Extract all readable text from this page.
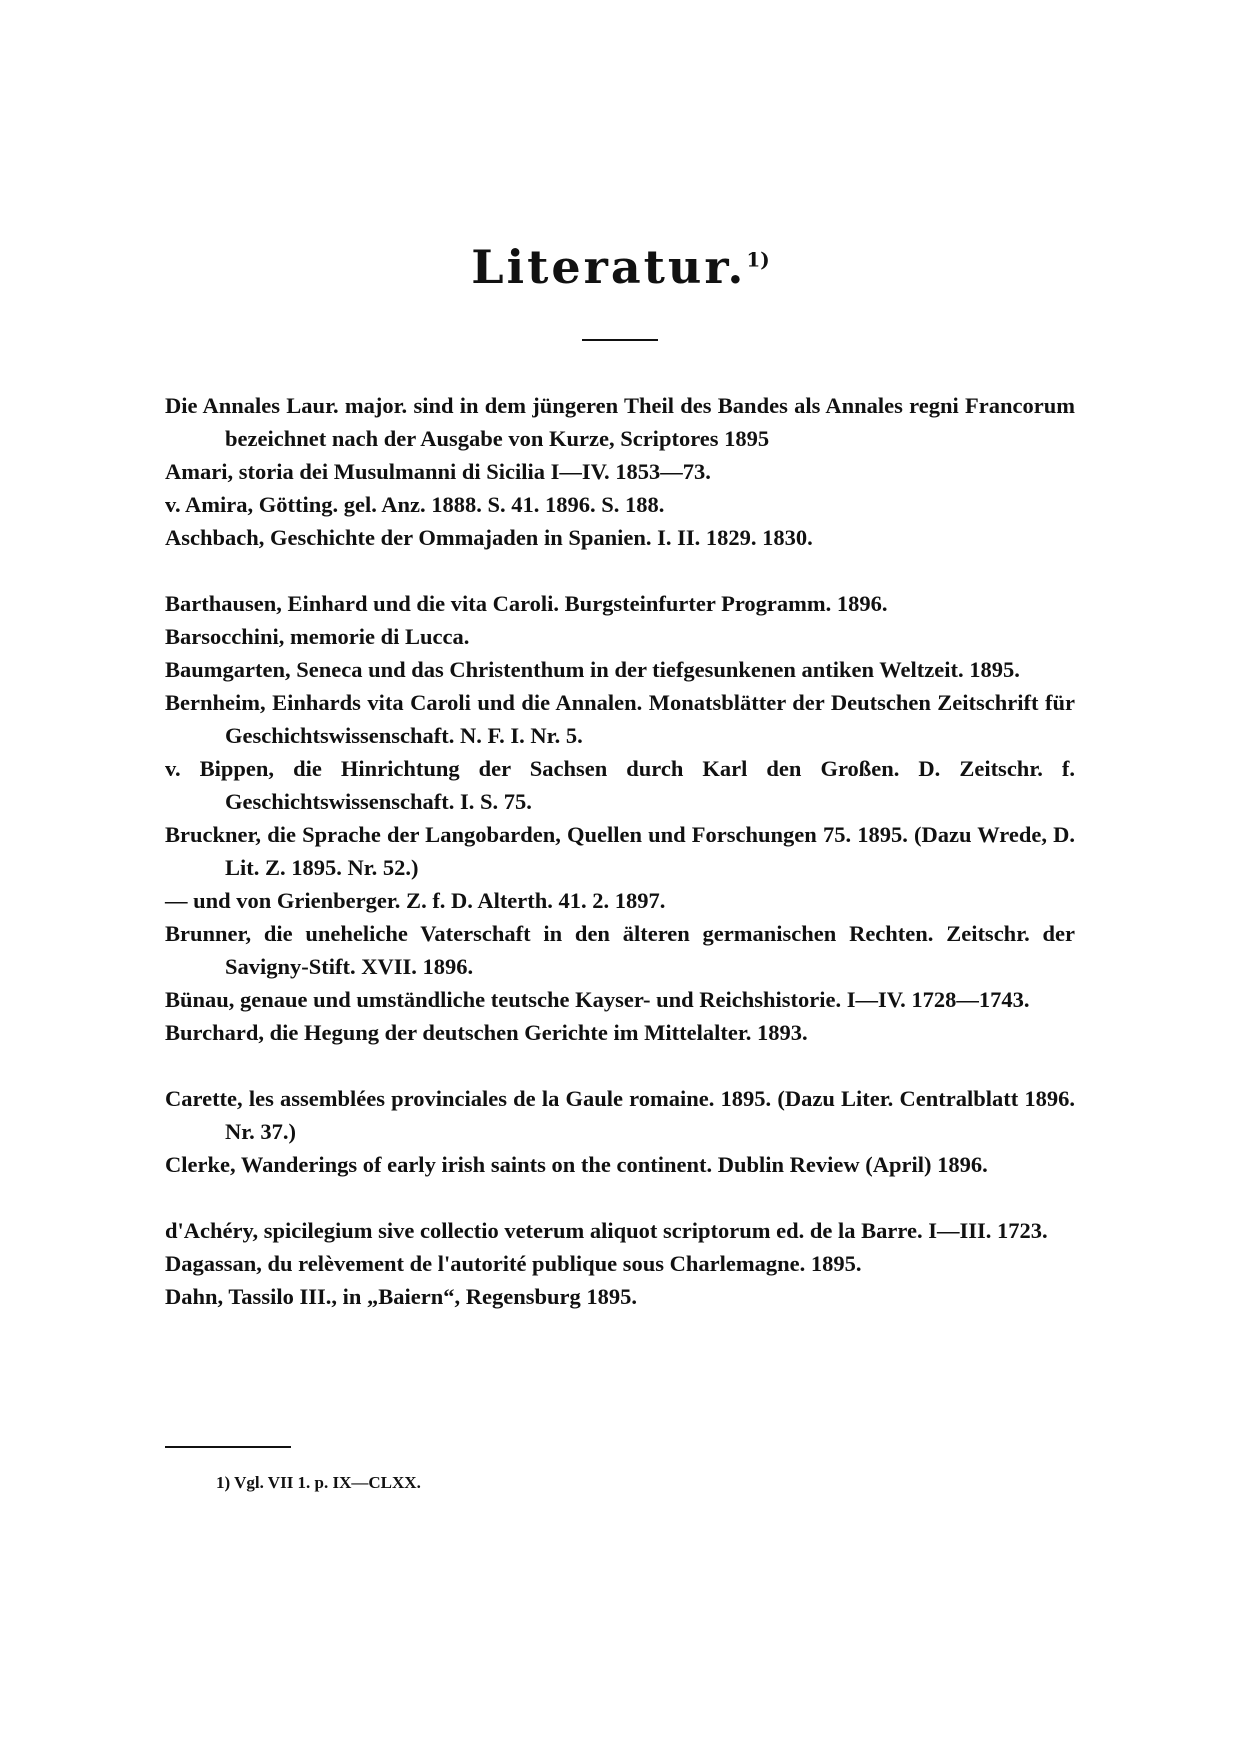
Literatur.$^{1)}$
Die Annales Laur. major. sind in dem jüngeren Theil des Bandes als Annales regni Francorum bezeichnet nach der Ausgabe von Kurze, Scriptores 1895
Amari, storia dei Musulmanni di Sicilia I—IV. 1853—73.
v. Amira, Götting. gel. Anz. 1888. S. 41. 1896. S. 188.
Aschbach, Geschichte der Ommajaden in Spanien. I. II. 1829. 1830.
Barthausen, Einhard und die vita Caroli. Burgsteinfurter Programm. 1896.
Barsocchini, memorie di Lucca.
Baumgarten, Seneca und das Christenthum in der tiefgesunkenen antiken Weltzeit. 1895.
Bernheim, Einhards vita Caroli und die Annalen. Monatsblätter der Deutschen Zeitschrift für Geschichtswissenschaft. N. F. I. Nr. 5.
v. Bippen, die Hinrichtung der Sachsen durch Karl den Großen. D. Zeitschr. f. Geschichtswissenschaft. I. S. 75.
Bruckner, die Sprache der Langobarden, Quellen und Forschungen 75. 1895. (Dazu Wrede, D. Lit. Z. 1895. Nr. 52.)
— und von Grienberger. Z. f. D. Alterth. 41. 2. 1897.
Brunner, die uneheliche Vaterschaft in den älteren germanischen Rechten. Zeitschr. der Savigny-Stift. XVII. 1896.
Bünau, genaue und umständliche teutsche Kayser- und Reichshistorie. I—IV. 1728—1743.
Burchard, die Hegung der deutschen Gerichte im Mittelalter. 1893.
Carette, les assemblées provinciales de la Gaule romaine. 1895. (Dazu Liter. Centralblatt 1896. Nr. 37.)
Clerke, Wanderings of early irish saints on the continent. Dublin Review (April) 1896.
d'Achéry, spicilegium sive collectio veterum aliquot scriptorum ed. de la Barre. I—III. 1723.
Dagassan, du relèvement de l'autorité publique sous Charlemagne. 1895.
Dahn, Tassilo III., in „Baiern“, Regensburg 1895.
1) Vgl. VII 1. p. IX—CLXX.
